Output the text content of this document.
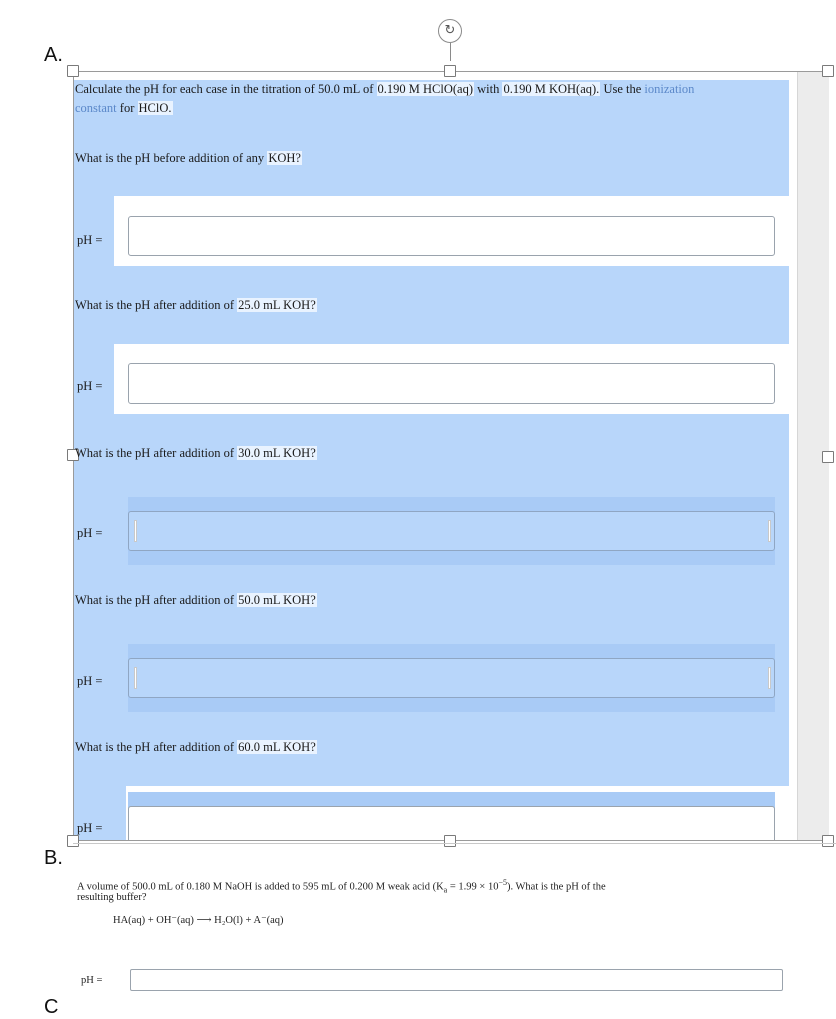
A.
B.
C
↻
Calculate the pH for each case in the titration of 50.0 mL of 0.190 M HClO(aq) with 0.190 M KOH(aq). Use the ionization
constant for HClO.
What is the pH before addition of any KOH?
pH =
What is the pH after addition of 25.0 mL KOH?
pH =
What is the pH after addition of 30.0 mL KOH?
pH =
What is the pH after addition of 50.0 mL KOH?
pH =
What is the pH after addition of 60.0 mL KOH?
pH =
A volume of 500.0 mL of 0.180 M NaOH is added to 595 mL of 0.200 M weak acid $(K_a = 1.99 \times 10^{-5})$. What is the pH of the
resulting buffer?
HA(aq) + OH⁻(aq) ⟶ H₂O(l) + A⁻(aq)
pH =
